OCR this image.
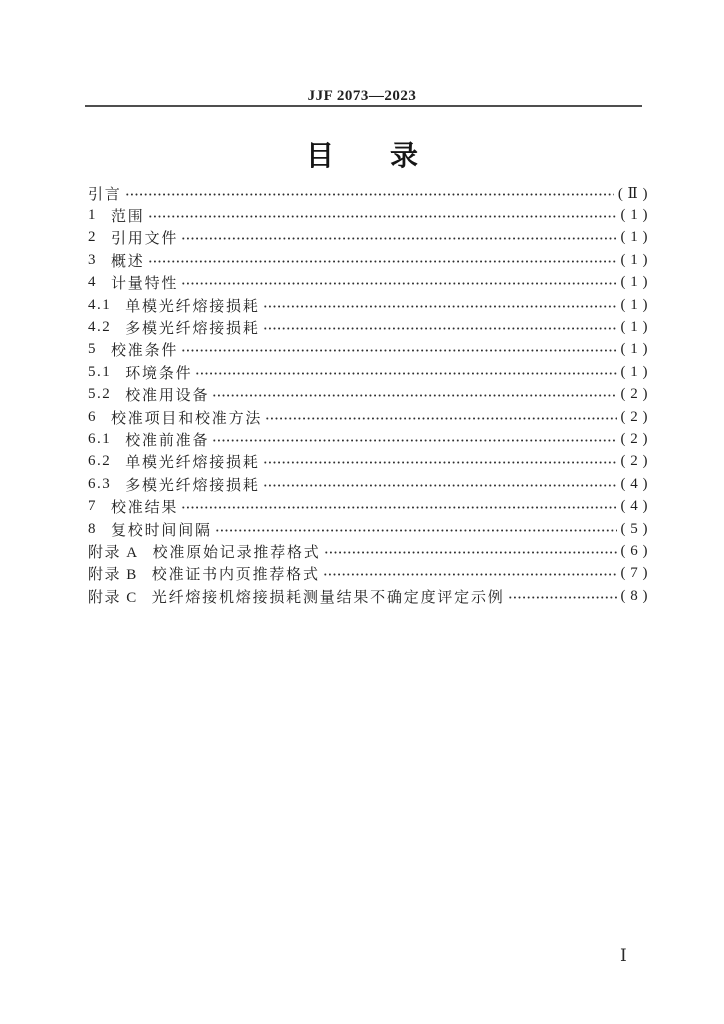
JJF 2073—2023
目　　录
引言	( Ⅱ )
1 范围	( 1 )
2 引用文件	( 1 )
3 概述	( 1 )
4 计量特性	( 1 )
4.1 单模光纤熔接损耗	( 1 )
4.2 多模光纤熔接损耗	( 1 )
5 校准条件	( 1 )
5.1 环境条件	( 1 )
5.2 校准用设备	( 2 )
6 校准项目和校准方法	( 2 )
6.1 校准前准备	( 2 )
6.2 单模光纤熔接损耗	( 2 )
6.3 多模光纤熔接损耗	( 4 )
7 校准结果	( 4 )
8 复校时间间隔	( 5 )
附录 A 校准原始记录推荐格式	( 6 )
附录 B 校准证书内页推荐格式	( 7 )
附录 C 光纤熔接机熔接损耗测量结果不确定度评定示例	( 8 )
Ⅰ
